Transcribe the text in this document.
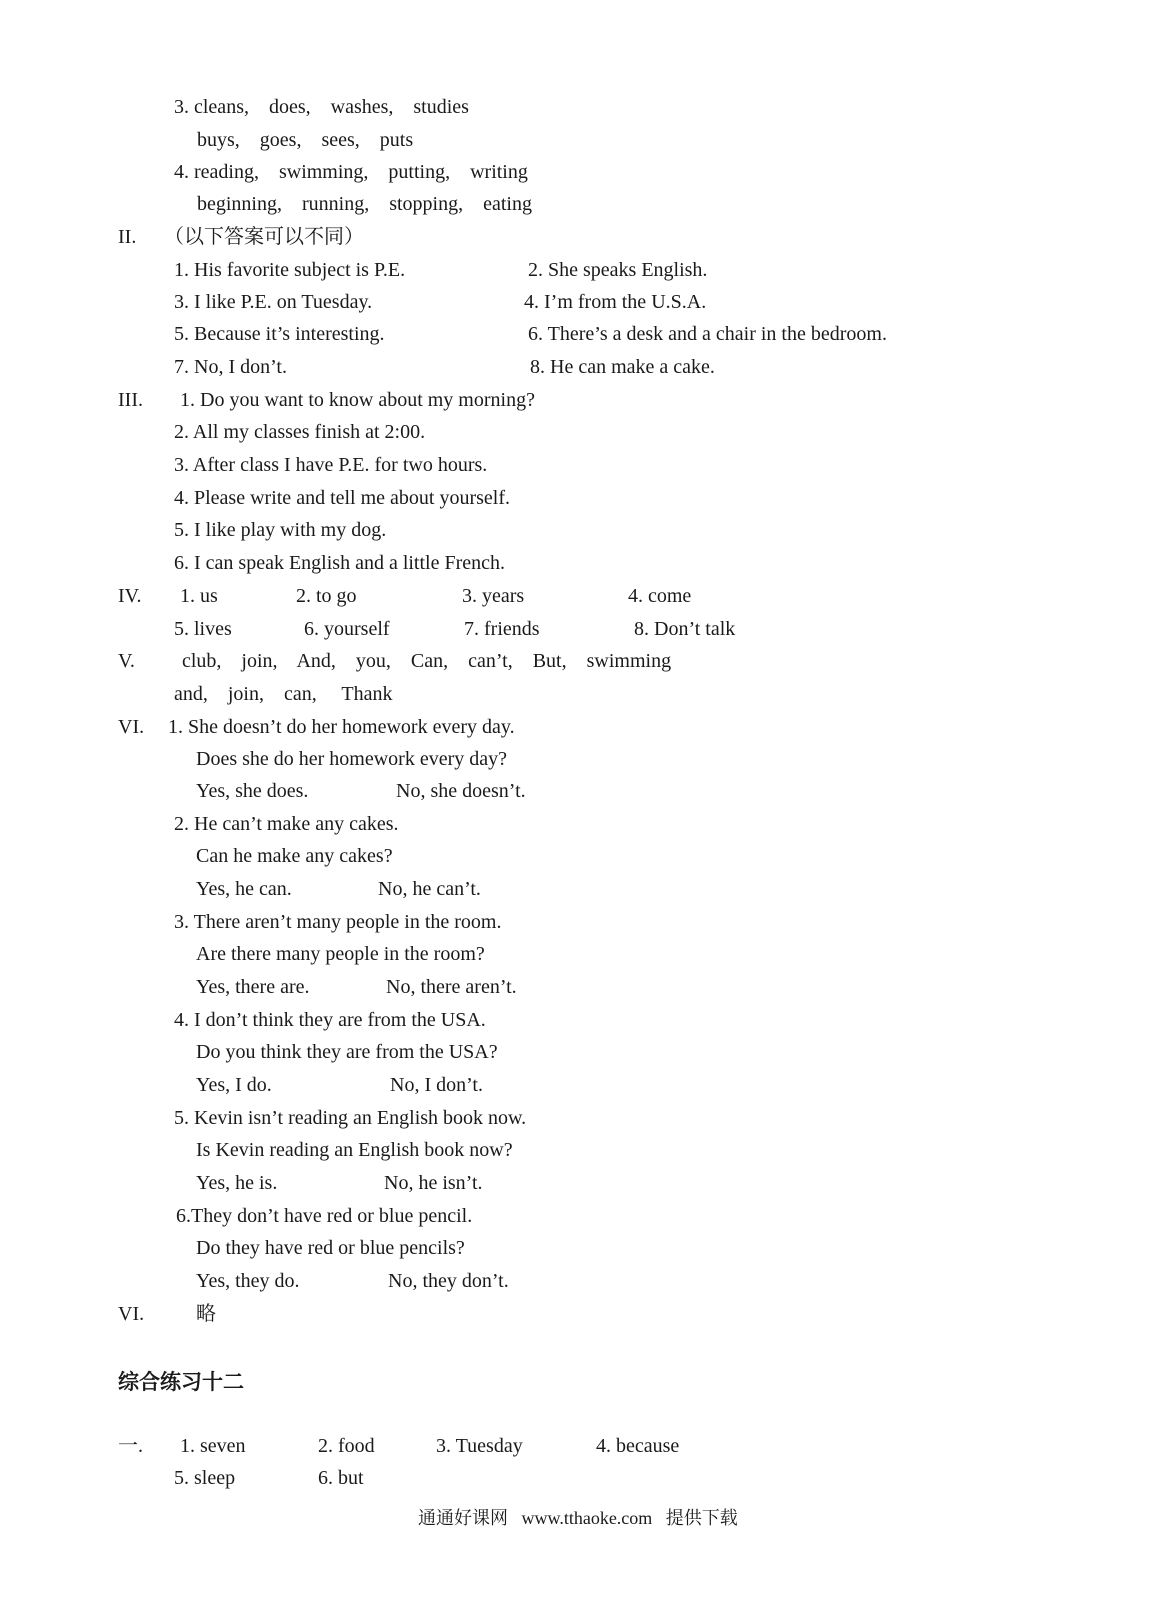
3. cleans,    does,    washes,    studies
buys,    goes,    sees,    puts
4. reading,    swimming,    putting,    writing
beginning,    running,    stopping,    eating
II. （以下答案可以不同）
1. His favorite subject is P.E.	2. She speaks English.
3. I like P.E. on Tuesday.	4. I’m from the U.S.A.
5. Because it’s interesting.	6. There’s a desk and a chair in the bedroom.
7. No, I don’t.	8. He can make a cake.
III. 1. Do you want to know about my morning?
2. All my classes finish at 2:00.
3. After class I have P.E. for two hours.
4. Please write and tell me about yourself.
5. I like play with my dog.
6. I can speak English and a little French.
IV. 1. us	2. to go	3. years	4. come
5. lives	6. yourself	7. friends	8. Don’t talk
V. club,    join,    And,    you,    Can,    can’t,    But,    swimming
and,    join,    can,     Thank
VI. 1. She doesn’t do her homework every day.
Does she do her homework every day?
Yes, she does.	No, she doesn’t.
2. He can’t make any cakes.
Can he make any cakes?
Yes, he can.	No, he can’t.
3. There aren’t many people in the room.
Are there many people in the room?
Yes, there are.	No, there aren’t.
4. I don’t think they are from the USA.
Do you think they are from the USA?
Yes, I do.	No, I don’t.
5. Kevin isn’t reading an English book now.
Is Kevin reading an English book now?
Yes, he is.	No, he isn’t.
6.They don’t have red or blue pencil.
Do they have red or blue pencils?
Yes, they do.	No, they don’t.
VI.	略
综合练习十二
一. 1. seven	2. food	3. Tuesday	4. because
5. sleep	6. but
通通好课网   www.tthaoke.com   提供下载
